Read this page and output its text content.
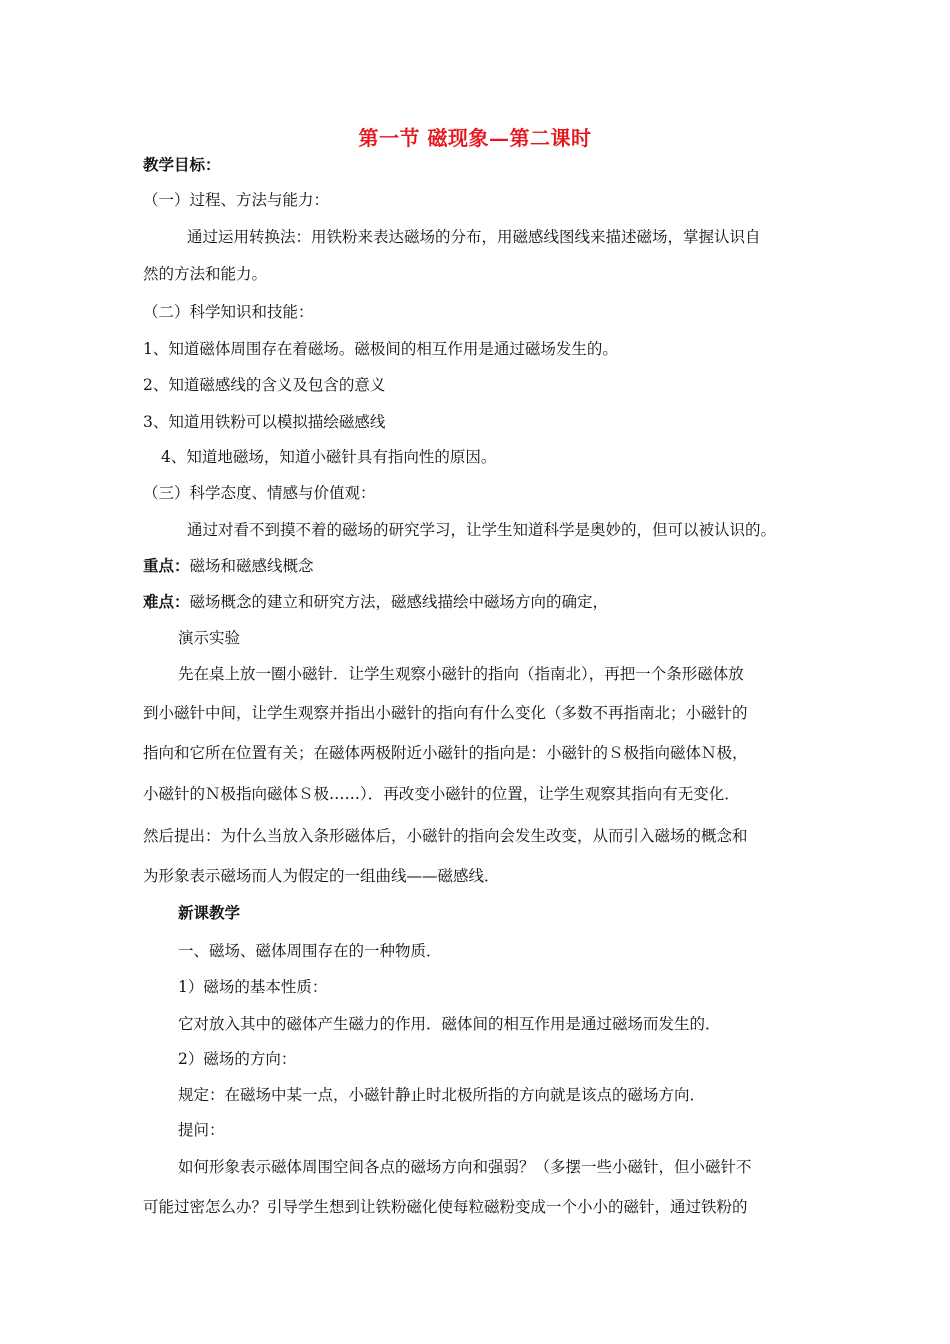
第一节 磁现象—第二课时
教学目标：
（一）过程、方法与能力：
通过运用转换法：用铁粉来表达磁场的分布，用磁感线图线来描述磁场，掌握认识自
然的方法和能力。
（二）科学知识和技能：
1、知道磁体周围存在着磁场。磁极间的相互作用是通过磁场发生的。
2、知道磁感线的含义及包含的意义
3、知道用铁粉可以模拟描绘磁感线
4、知道地磁场，知道小磁针具有指向性的原因。
（三）科学态度、情感与价值观：
通过对看不到摸不着的磁场的研究学习，让学生知道科学是奥妙的，但可以被认识的。
重点：磁场和磁感线概念
难点：磁场概念的建立和研究方法，磁感线描绘中磁场方向的确定，
演示实验
先在桌上放一圈小磁针．让学生观察小磁针的指向（指南北），再把一个条形磁体放
到小磁针中间，让学生观察并指出小磁针的指向有什么变化（多数不再指南北；小磁针的
指向和它所在位置有关；在磁体两极附近小磁针的指向是：小磁针的Ｓ极指向磁体Ｎ极，
小磁针的Ｎ极指向磁体Ｓ极……）．再改变小磁针的位置，让学生观察其指向有无变化．
然后提出：为什么当放入条形磁体后，小磁针的指向会发生改变，从而引入磁场的概念和
为形象表示磁场而人为假定的一组曲线——磁感线．
新课教学
一、磁场、磁体周围存在的一种物质．
1）磁场的基本性质：
它对放入其中的磁体产生磁力的作用．磁体间的相互作用是通过磁场而发生的．
2）磁场的方向：
规定：在磁场中某一点，小磁针静止时北极所指的方向就是该点的磁场方向．
提问：
如何形象表示磁体周围空间各点的磁场方向和强弱？（多摆一些小磁针，但小磁针不
可能过密怎么办？引导学生想到让铁粉磁化使每粒磁粉变成一个小小的磁针，通过铁粉的
